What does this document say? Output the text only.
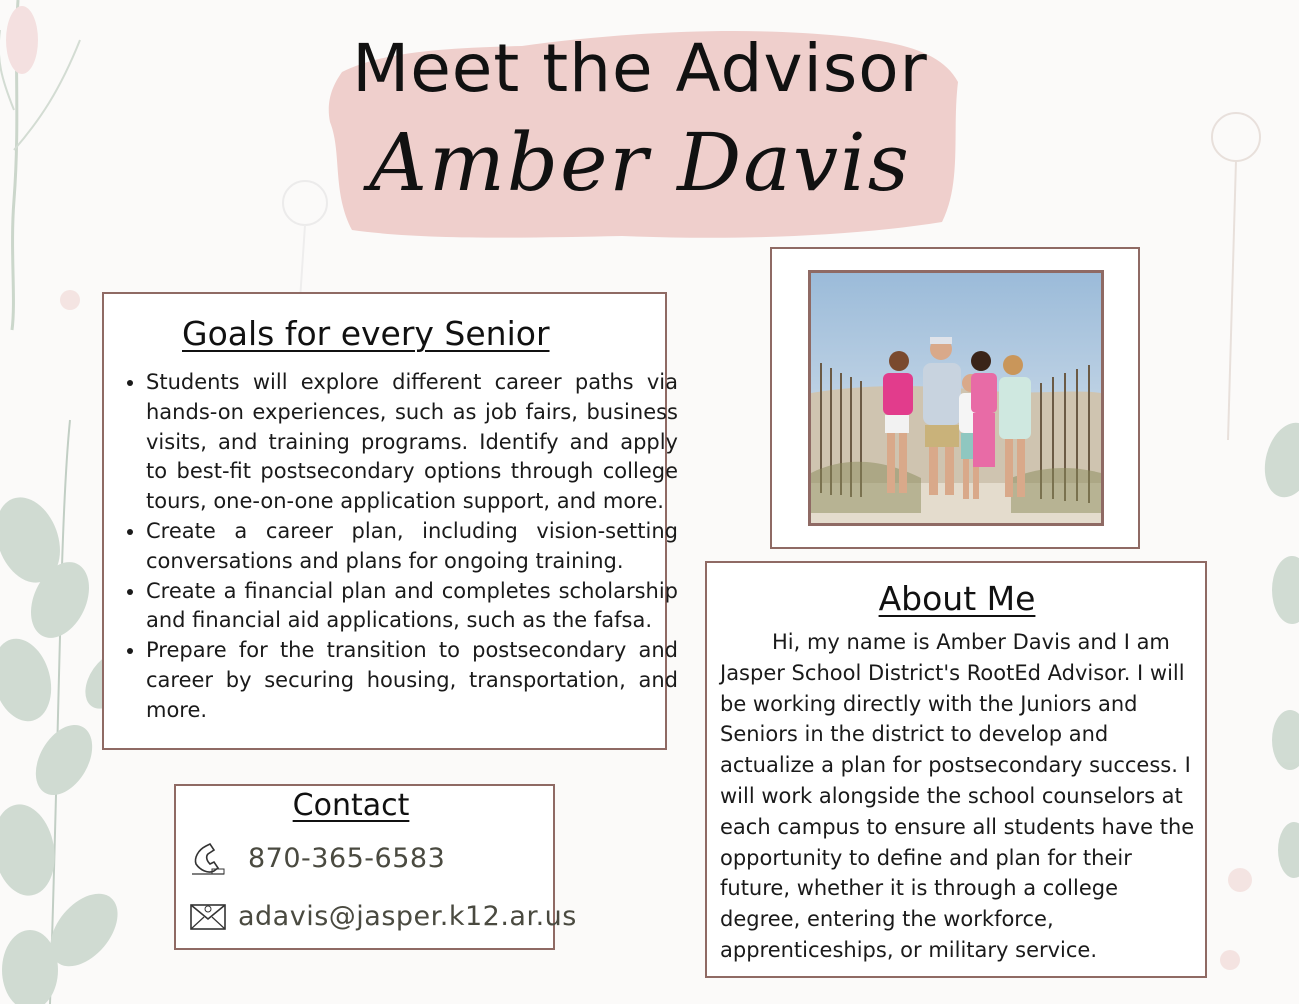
Meet the Advisor
Amber Davis
Goals for every Senior
• Students will explore different career paths via hands-on experiences, such as job fairs, business visits, and training programs. Identify and apply to best-fit postsecondary options through college tours, one-on-one application support, and more.
• Create a career plan, including vision-setting conversations and plans for ongoing training.
• Create a financial plan and completes scholarship and financial aid applications, such as the fafsa.
• Prepare for the transition to postsecondary and career by securing housing, transportation, and more.
About Me

Hi, my name is Amber Davis and I am Jasper School District's RootEd Advisor. I will be working directly with the Juniors and Seniors in the district to develop and actualize a plan for postsecondary success. I will work alongside the school counselors at each campus to ensure all students have the opportunity to define and plan for their future, whether it is through a college degree, entering the workforce, apprenticeships, or military service.

Contact
870-365-6583
adavis@jasper.k12.ar.us
